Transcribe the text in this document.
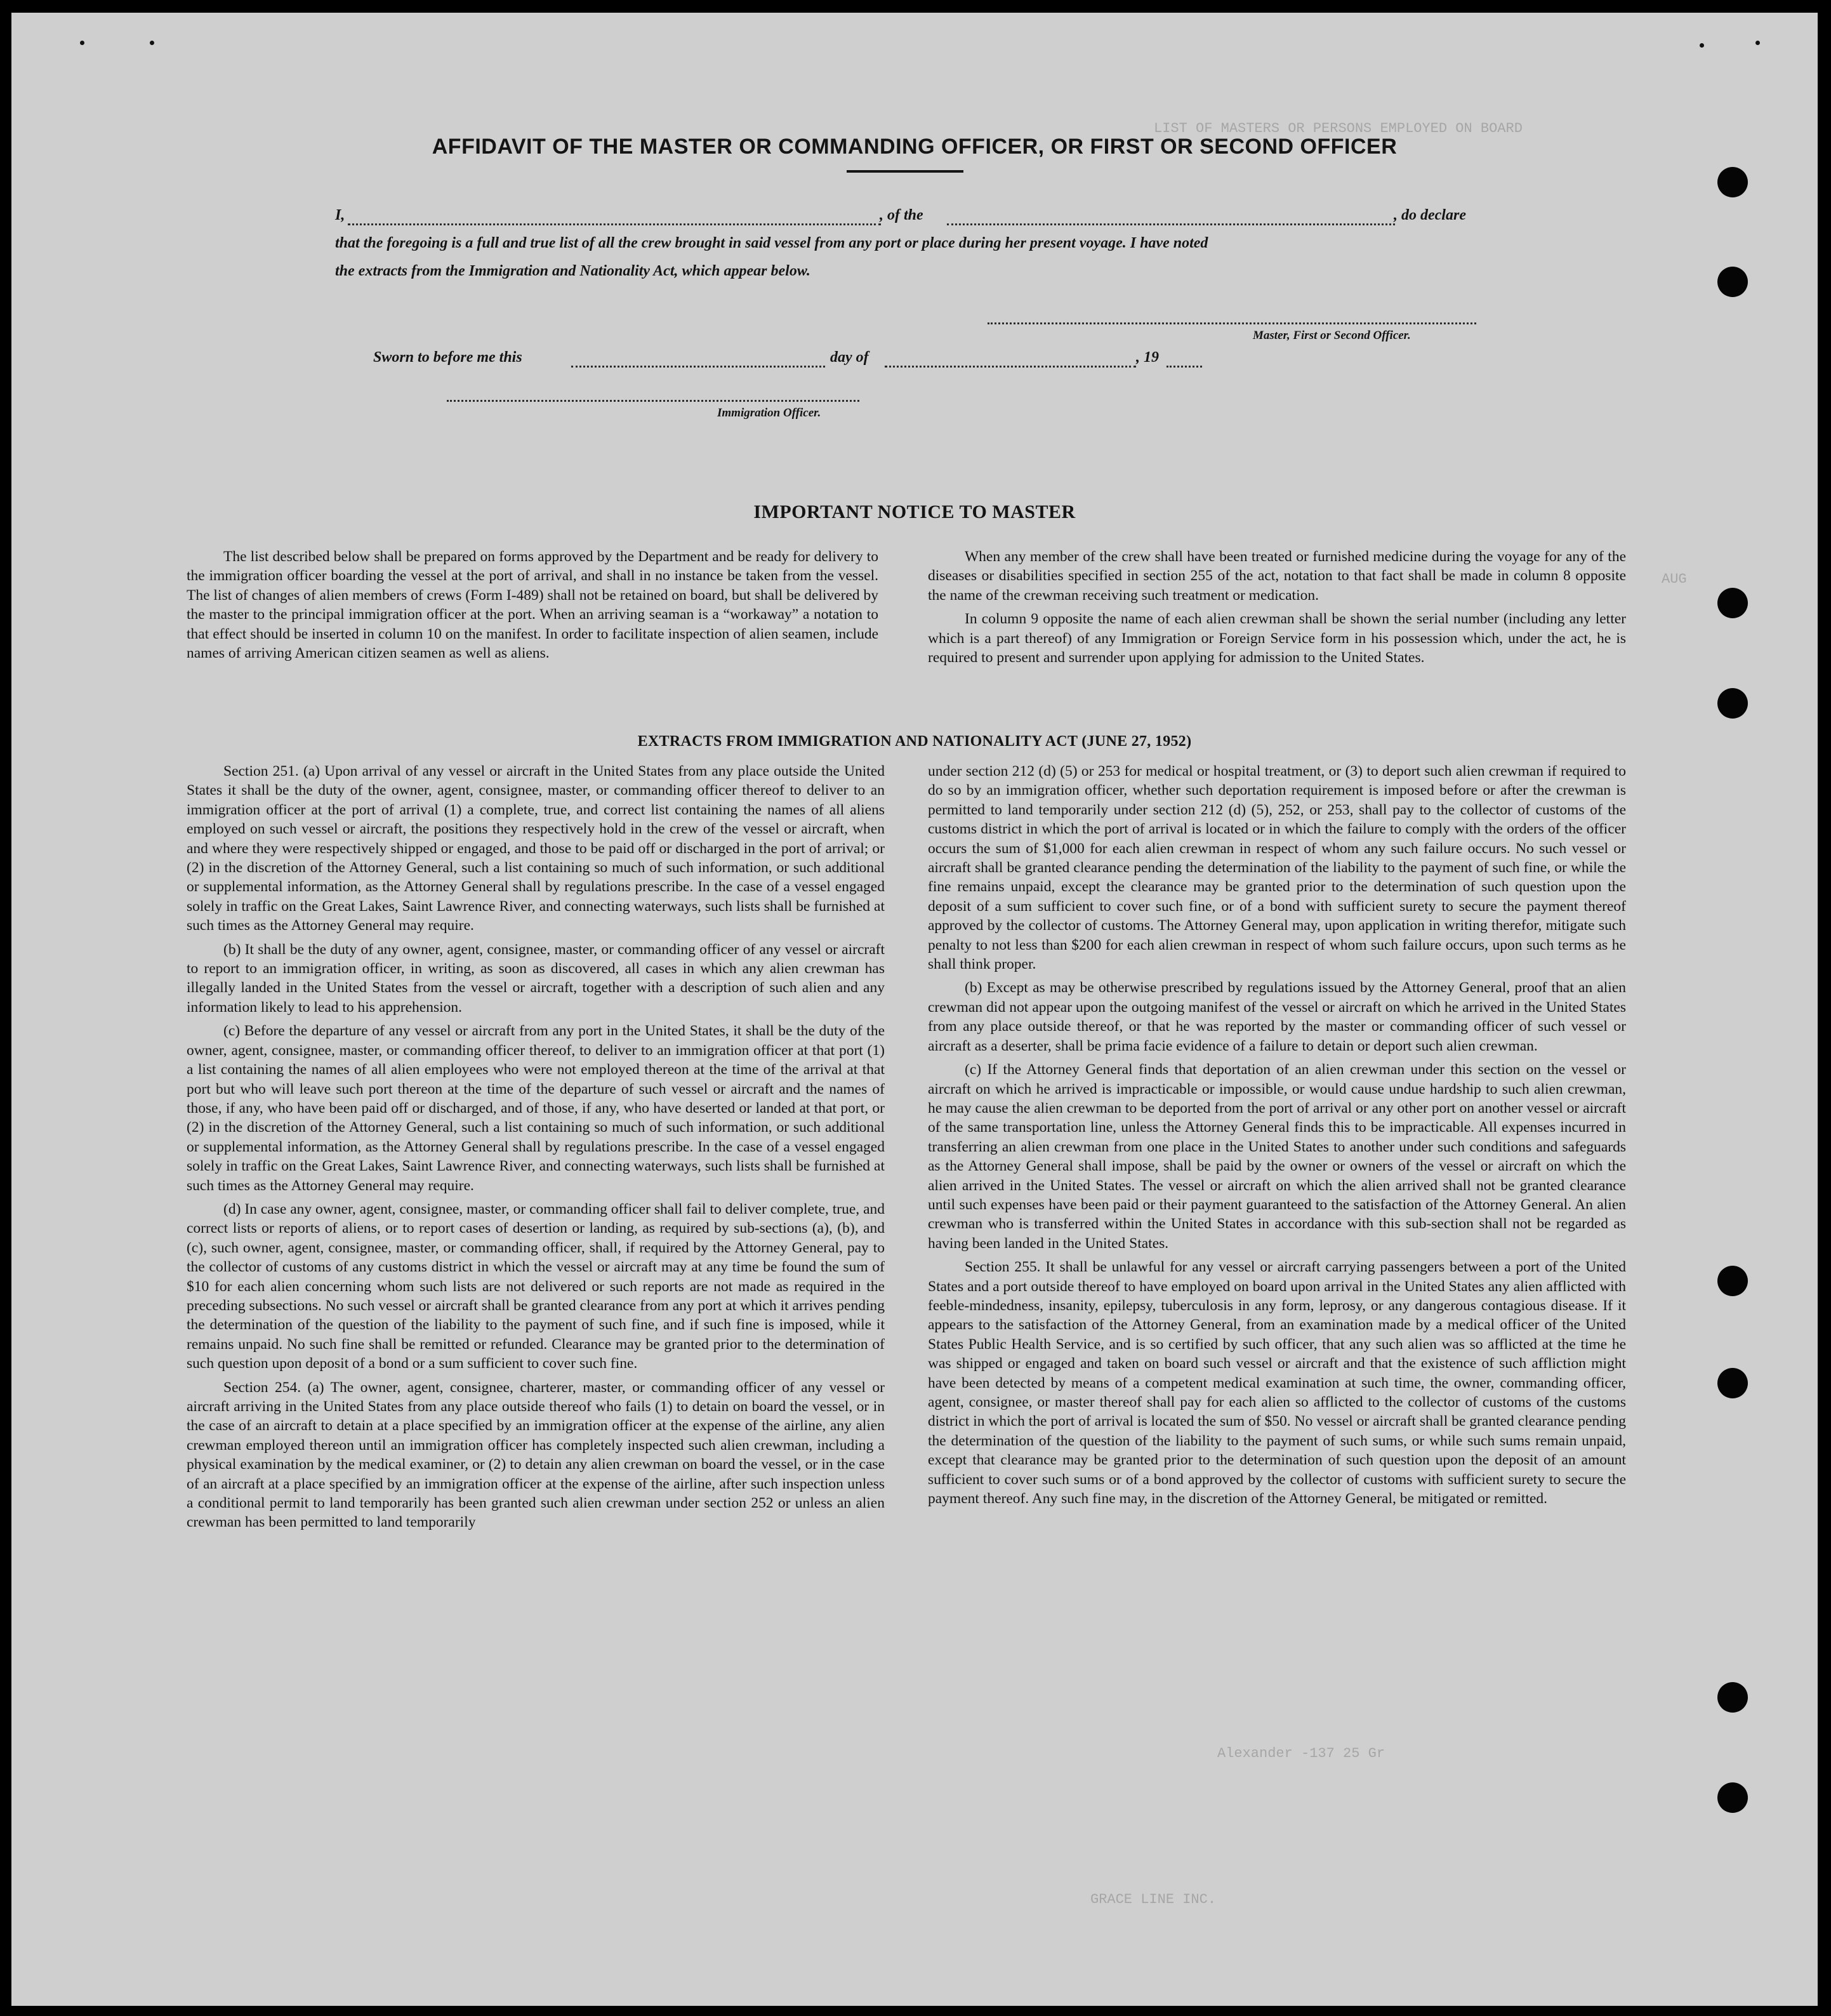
LIST OF MASTERS OR PERSONS EMPLOYED ON BOARD
AUG
Alexander -137 25 Gr
GRACE LINE INC.
AFFIDAVIT OF THE MASTER OR COMMANDING OFFICER, OR FIRST OR SECOND OFFICER
I,	, of the	, do declare
that the foregoing is a full and true list of all the crew brought in said vessel from any port or place during her present voyage. I have noted
the extracts from the Immigration and Nationality Act, which appear below.
Master, First or Second Officer.
Sworn to before me this	day of	, 19
Immigration Officer.
IMPORTANT NOTICE TO MASTER

The list described below shall be prepared on forms approved by the Department and be ready for delivery to the immigration officer boarding the vessel at the port of arrival, and shall in no instance be taken from the vessel. The list of changes of alien members of crews (Form I-489) shall not be retained on board, but shall be delivered by the master to the principal immigration officer at the port. When an arriving seaman is a “workaway” a notation to that effect should be inserted in column 10 on the manifest. In order to facilitate inspection of alien seamen, include names of arriving American citizen seamen as well as aliens.

When any member of the crew shall have been treated or furnished medicine during the voyage for any of the diseases or disabilities specified in section 255 of the act, notation to that fact shall be made in column 8 opposite the name of the crewman receiving such treatment or medication.

In column 9 opposite the name of each alien crewman shall be shown the serial number (including any letter which is a part thereof) of any Immigration or Foreign Service form in his possession which, under the act, he is required to present and surrender upon applying for admission to the United States.

EXTRACTS FROM IMMIGRATION AND NATIONALITY ACT (JUNE 27, 1952)

Section 251. (a) Upon arrival of any vessel or aircraft in the United States from any place outside the United States it shall be the duty of the owner, agent, consignee, master, or commanding officer thereof to deliver to an immigration officer at the port of arrival (1) a complete, true, and correct list containing the names of all aliens employed on such vessel or aircraft, the positions they respectively hold in the crew of the vessel or aircraft, when and where they were respectively shipped or engaged, and those to be paid off or discharged in the port of arrival; or (2) in the discretion of the Attorney General, such a list containing so much of such information, or such additional or supplemental information, as the Attorney General shall by regulations prescribe. In the case of a vessel engaged solely in traffic on the Great Lakes, Saint Lawrence River, and connecting waterways, such lists shall be furnished at such times as the Attorney General may require.

(b) It shall be the duty of any owner, agent, consignee, master, or commanding officer of any vessel or aircraft to report to an immigration officer, in writing, as soon as discovered, all cases in which any alien crewman has illegally landed in the United States from the vessel or aircraft, together with a description of such alien and any information likely to lead to his apprehension.

(c) Before the departure of any vessel or aircraft from any port in the United States, it shall be the duty of the owner, agent, consignee, master, or commanding officer thereof, to deliver to an immigration officer at that port (1) a list containing the names of all alien employees who were not employed thereon at the time of the arrival at that port but who will leave such port thereon at the time of the departure of such vessel or aircraft and the names of those, if any, who have been paid off or discharged, and of those, if any, who have deserted or landed at that port, or (2) in the discretion of the Attorney General, such a list containing so much of such information, or such additional or supplemental information, as the Attorney General shall by regulations prescribe. In the case of a vessel engaged solely in traffic on the Great Lakes, Saint Lawrence River, and connecting waterways, such lists shall be furnished at such times as the Attorney General may require.

(d) In case any owner, agent, consignee, master, or commanding officer shall fail to deliver complete, true, and correct lists or reports of aliens, or to report cases of desertion or landing, as required by sub-sections (a), (b), and (c), such owner, agent, consignee, master, or commanding officer, shall, if required by the Attorney General, pay to the collector of customs of any customs district in which the vessel or aircraft may at any time be found the sum of $10 for each alien concerning whom such lists are not delivered or such reports are not made as required in the preceding subsections. No such vessel or aircraft shall be granted clearance from any port at which it arrives pending the determination of the question of the liability to the payment of such fine, and if such fine is imposed, while it remains unpaid. No such fine shall be remitted or refunded. Clearance may be granted prior to the determination of such question upon deposit of a bond or a sum sufficient to cover such fine.

Section 254. (a) The owner, agent, consignee, charterer, master, or commanding officer of any vessel or aircraft arriving in the United States from any place outside thereof who fails (1) to detain on board the vessel, or in the case of an aircraft to detain at a place specified by an immigration officer at the expense of the airline, any alien crewman employed thereon until an immigration officer has completely inspected such alien crewman, including a physical examination by the medical examiner, or (2) to detain any alien crewman on board the vessel, or in the case of an aircraft at a place specified by an immigration officer at the expense of the airline, after such inspection unless a conditional permit to land temporarily has been granted such alien crewman under section 252 or unless an alien crewman has been permitted to land temporarily

under section 212 (d) (5) or 253 for medical or hospital treatment, or (3) to deport such alien crewman if required to do so by an immigration officer, whether such deportation requirement is imposed before or after the crewman is permitted to land temporarily under section 212 (d) (5), 252, or 253, shall pay to the collector of customs of the customs district in which the port of arrival is located or in which the failure to comply with the orders of the officer occurs the sum of $1,000 for each alien crewman in respect of whom any such failure occurs. No such vessel or aircraft shall be granted clearance pending the determination of the liability to the payment of such fine, or while the fine remains unpaid, except the clearance may be granted prior to the determination of such question upon the deposit of a sum sufficient to cover such fine, or of a bond with sufficient surety to secure the payment thereof approved by the collector of customs. The Attorney General may, upon application in writing therefor, mitigate such penalty to not less than $200 for each alien crewman in respect of whom such failure occurs, upon such terms as he shall think proper.

(b) Except as may be otherwise prescribed by regulations issued by the Attorney General, proof that an alien crewman did not appear upon the outgoing manifest of the vessel or aircraft on which he arrived in the United States from any place outside thereof, or that he was reported by the master or commanding officer of such vessel or aircraft as a deserter, shall be prima facie evidence of a failure to detain or deport such alien crewman.

(c) If the Attorney General finds that deportation of an alien crewman under this section on the vessel or aircraft on which he arrived is impracticable or impossible, or would cause undue hardship to such alien crewman, he may cause the alien crewman to be deported from the port of arrival or any other port on another vessel or aircraft of the same transportation line, unless the Attorney General finds this to be impracticable. All expenses incurred in transferring an alien crewman from one place in the United States to another under such conditions and safeguards as the Attorney General shall impose, shall be paid by the owner or owners of the vessel or aircraft on which the alien arrived in the United States. The vessel or aircraft on which the alien arrived shall not be granted clearance until such expenses have been paid or their payment guaranteed to the satisfaction of the Attorney General. An alien crewman who is transferred within the United States in accordance with this sub-section shall not be regarded as having been landed in the United States.

Section 255. It shall be unlawful for any vessel or aircraft carrying passengers between a port of the United States and a port outside thereof to have employed on board upon arrival in the United States any alien afflicted with feeble-mindedness, insanity, epilepsy, tuberculosis in any form, leprosy, or any dangerous contagious disease. If it appears to the satisfaction of the Attorney General, from an examination made by a medical officer of the United States Public Health Service, and is so certified by such officer, that any such alien was so afflicted at the time he was shipped or engaged and taken on board such vessel or aircraft and that the existence of such affliction might have been detected by means of a competent medical examination at such time, the owner, commanding officer, agent, consignee, or master thereof shall pay for each alien so afflicted to the collector of customs of the customs district in which the port of arrival is located the sum of $50. No vessel or aircraft shall be granted clearance pending the determination of the question of the liability to the payment of such sums, or while such sums remain unpaid, except that clearance may be granted prior to the determination of such question upon the deposit of an amount sufficient to cover such sums or of a bond approved by the collector of customs with sufficient surety to secure the payment thereof. Any such fine may, in the discretion of the Attorney General, be mitigated or remitted.
